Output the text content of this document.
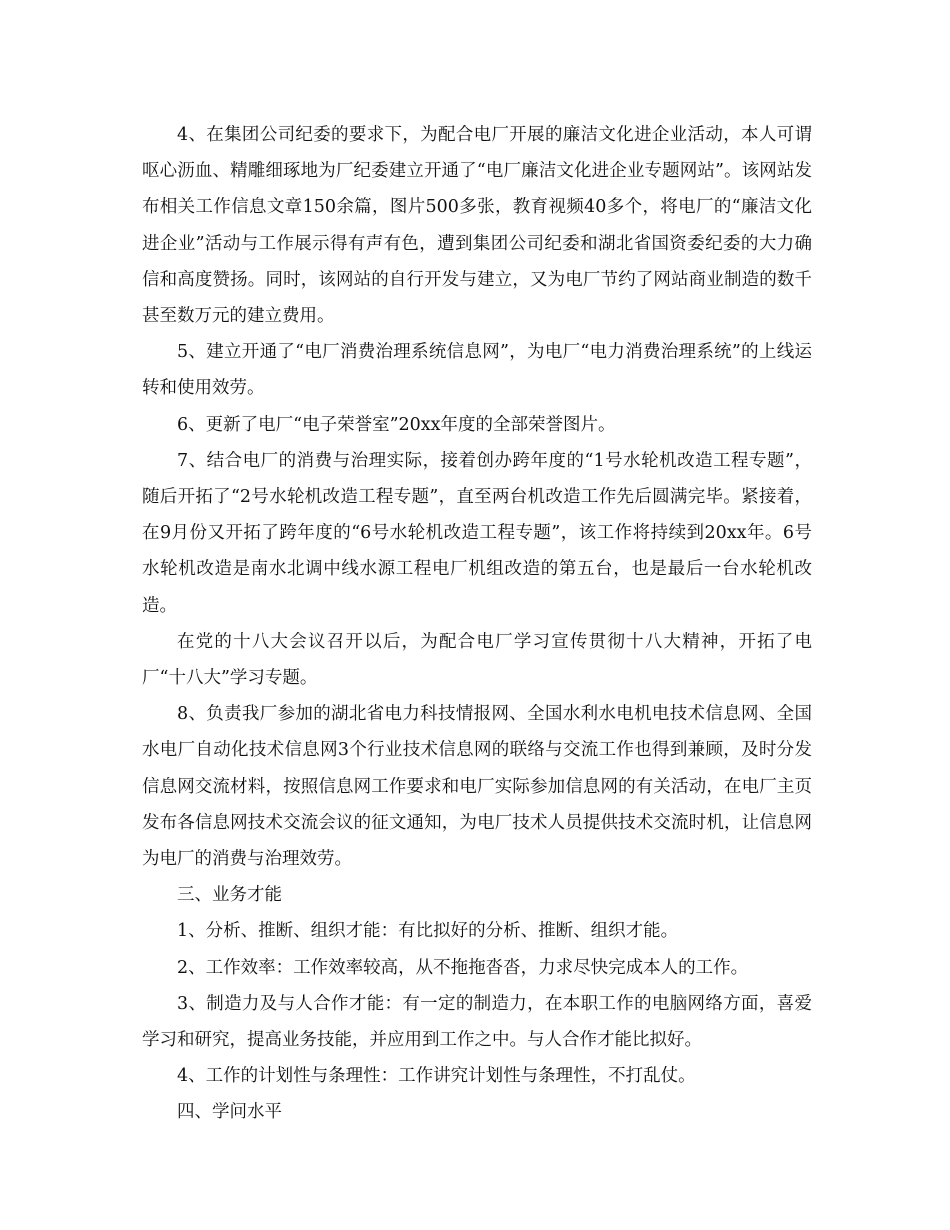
4、在集团公司纪委的要求下，为配合电厂开展的廉洁文化进企业活动，本人可谓呕心沥血、精雕细琢地为厂纪委建立开通了“电厂廉洁文化进企业专题网站”。该网站发布相关工作信息文章150余篇，图片500多张，教育视频40多个，将电厂的“廉洁文化进企业”活动与工作展示得有声有色，遭到集团公司纪委和湖北省国资委纪委的大力确信和高度赞扬。同时，该网站的自行开发与建立，又为电厂节约了网站商业制造的数千甚至数万元的建立费用。

5、建立开通了“电厂消费治理系统信息网”，为电厂“电力消费治理系统”的上线运转和使用效劳。

6、更新了电厂“电子荣誉室”20xx年度的全部荣誉图片。

7、结合电厂的消费与治理实际，接着创办跨年度的“1号水轮机改造工程专题”，随后开拓了“2号水轮机改造工程专题”，直至两台机改造工作先后圆满完毕。紧接着，在9月份又开拓了跨年度的“6号水轮机改造工程专题”，该工作将持续到20xx年。6号水轮机改造是南水北调中线水源工程电厂机组改造的第五台，也是最后一台水轮机改造。

在党的十八大会议召开以后，为配合电厂学习宣传贯彻十八大精神，开拓了电厂“十八大”学习专题。

8、负责我厂参加的湖北省电力科技情报网、全国水利水电机电技术信息网、全国水电厂自动化技术信息网3个行业技术信息网的联络与交流工作也得到兼顾，及时分发信息网交流材料，按照信息网工作要求和电厂实际参加信息网的有关活动，在电厂主页发布各信息网技术交流会议的征文通知，为电厂技术人员提供技术交流时机，让信息网为电厂的消费与治理效劳。

三、业务才能

1、分析、推断、组织才能：有比拟好的分析、推断、组织才能。

2、工作效率：工作效率较高，从不拖拖沓沓，力求尽快完成本人的工作。

3、制造力及与人合作才能：有一定的制造力，在本职工作的电脑网络方面，喜爱学习和研究，提高业务技能，并应用到工作之中。与人合作才能比拟好。

4、工作的计划性与条理性：工作讲究计划性与条理性，不打乱仗。

四、学问水平
